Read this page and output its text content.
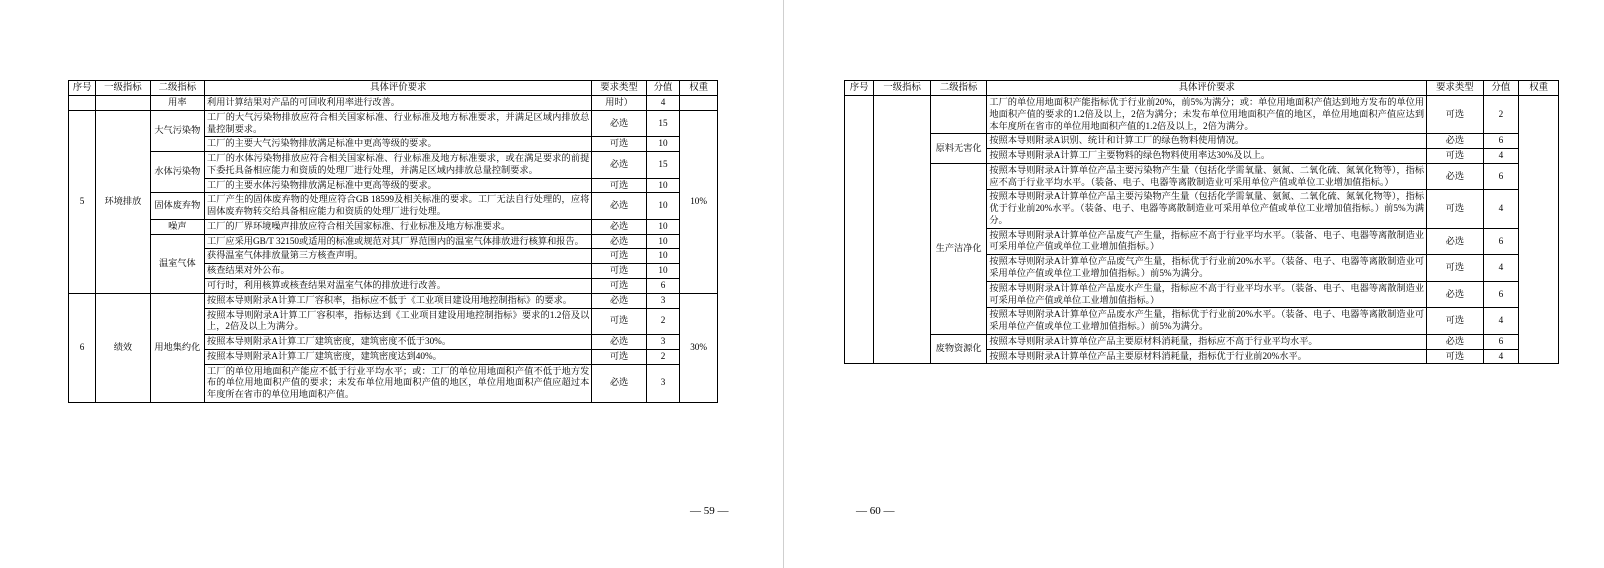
序号	一级指标	二级指标	具体评价要求	要求类型	分值	权重
		用率	利用计算结果对产品的可回收利用率进行改善。	用时）	4	
5	环境排放	大气污染物	工厂的大气污染物排放应符合相关国家标准、行业标准及地方标准要求，并满足区域内排放总量控制要求。	必选	15	10%
			工厂的主要大气污染物排放满足标准中更高等级的要求。	可选	10	
		水体污染物	工厂的水体污染物排放应符合相关国家标准、行业标准及地方标准要求，或在满足要求的前提下委托具备相应能力和资质的处理厂进行处理，并满足区域内排放总量控制要求。	必选	15	
			工厂的主要水体污染物排放满足标准中更高等级的要求。	可选	10	
		固体废弃物	工厂产生的固体废弃物的处理应符合GB 18599及相关标准的要求。工厂无法自行处理的，应将固体废弃物转交给具备相应能力和资质的处理厂进行处理。	必选	10	
		噪声	工厂的厂界环境噪声排放应符合相关国家标准、行业标准及地方标准要求。	必选	10	
		温室气体	工厂应采用GB/T 32150或适用的标准或规范对其厂界范围内的温室气体排放进行核算和报告。	必选	10	
			获得温室气体排放量第三方核查声明。	可选	10	
			核查结果对外公布。	可选	10	
			可行时，利用核算或核查结果对温室气体的排放进行改善。	可选	6	
6	绩效	用地集约化	按照本导则附录A计算工厂容积率，指标应不低于《工业项目建设用地控制指标》的要求。	必选	3	30%
			按照本导则附录A计算工厂容积率，指标达到《工业项目建设用地控制指标》要求的1.2倍及以上，2倍及以上为满分。	可选	2	
			按照本导则附录A计算工厂建筑密度，建筑密度不低于30%。	必选	3	
			按照本导则附录A计算工厂建筑密度，建筑密度达到40%。	可选	2	
			工厂的单位用地面积产能应不低于行业平均水平；或：工厂的单位用地面积产值不低于地方发布的单位用地面积产值的要求；未发布单位用地面积产值的地区，单位用地面积产值应超过本年度所在省市的单位用地面积产值。	必选	3	
— 59 —
序号	一级指标	二级指标	具体评价要求	要求类型	分值	权重
			工厂的单位用地面积产能指标优于行业前20%，前5%为满分；或：单位用地面积产值达到地方发布的单位用地面积产值的要求的1.2倍及以上，2倍为满分；未发布单位用地面积产值的地区，单位用地面积产值应达到本年度所在省市的单位用地面积产值的1.2倍及以上，2倍为满分。	可选	2	
		原料无害化	按照本导则附录A识别、统计和计算工厂的绿色物料使用情况。	必选	6	
			按照本导则附录A计算工厂主要物料的绿色物料使用率达30%及以上。	可选	4	
		生产洁净化	按照本导则附录A计算单位产品主要污染物产生量（包括化学需氧量、氨氮、二氧化硫、氮氧化物等），指标应不高于行业平均水平。（装备、电子、电器等离散制造业可采用单位产值或单位工业增加值指标。）	必选	6	
			按照本导则附录A计算单位产品主要污染物产生量（包括化学需氧量、氨氮、二氧化硫、氮氧化物等），指标优于行业前20%水平。（装备、电子、电器等离散制造业可采用单位产值或单位工业增加值指标。）前5%为满分。	可选	4	
			按照本导则附录A计算单位产品废气产生量，指标应不高于行业平均水平。（装备、电子、电器等离散制造业可采用单位产值或单位工业增加值指标。）	必选	6	
			按照本导则附录A计算单位产品废气产生量，指标优于行业前20%水平。（装备、电子、电器等离散制造业可采用单位产值或单位工业增加值指标。）前5%为满分。	可选	4	
			按照本导则附录A计算单位产品废水产生量，指标应不高于行业平均水平。（装备、电子、电器等离散制造业可采用单位产值或单位工业增加值指标。）	必选	6	
			按照本导则附录A计算单位产品废水产生量，指标优于行业前20%水平。（装备、电子、电器等离散制造业可采用单位产值或单位工业增加值指标。）前5%为满分。	可选	4	
		废物资源化	按照本导则附录A计算单位产品主要原材料消耗量，指标应不高于行业平均水平。	必选	6	
			按照本导则附录A计算单位产品主要原材料消耗量，指标优于行业前20%水平。	可选	4	
— 60 —
